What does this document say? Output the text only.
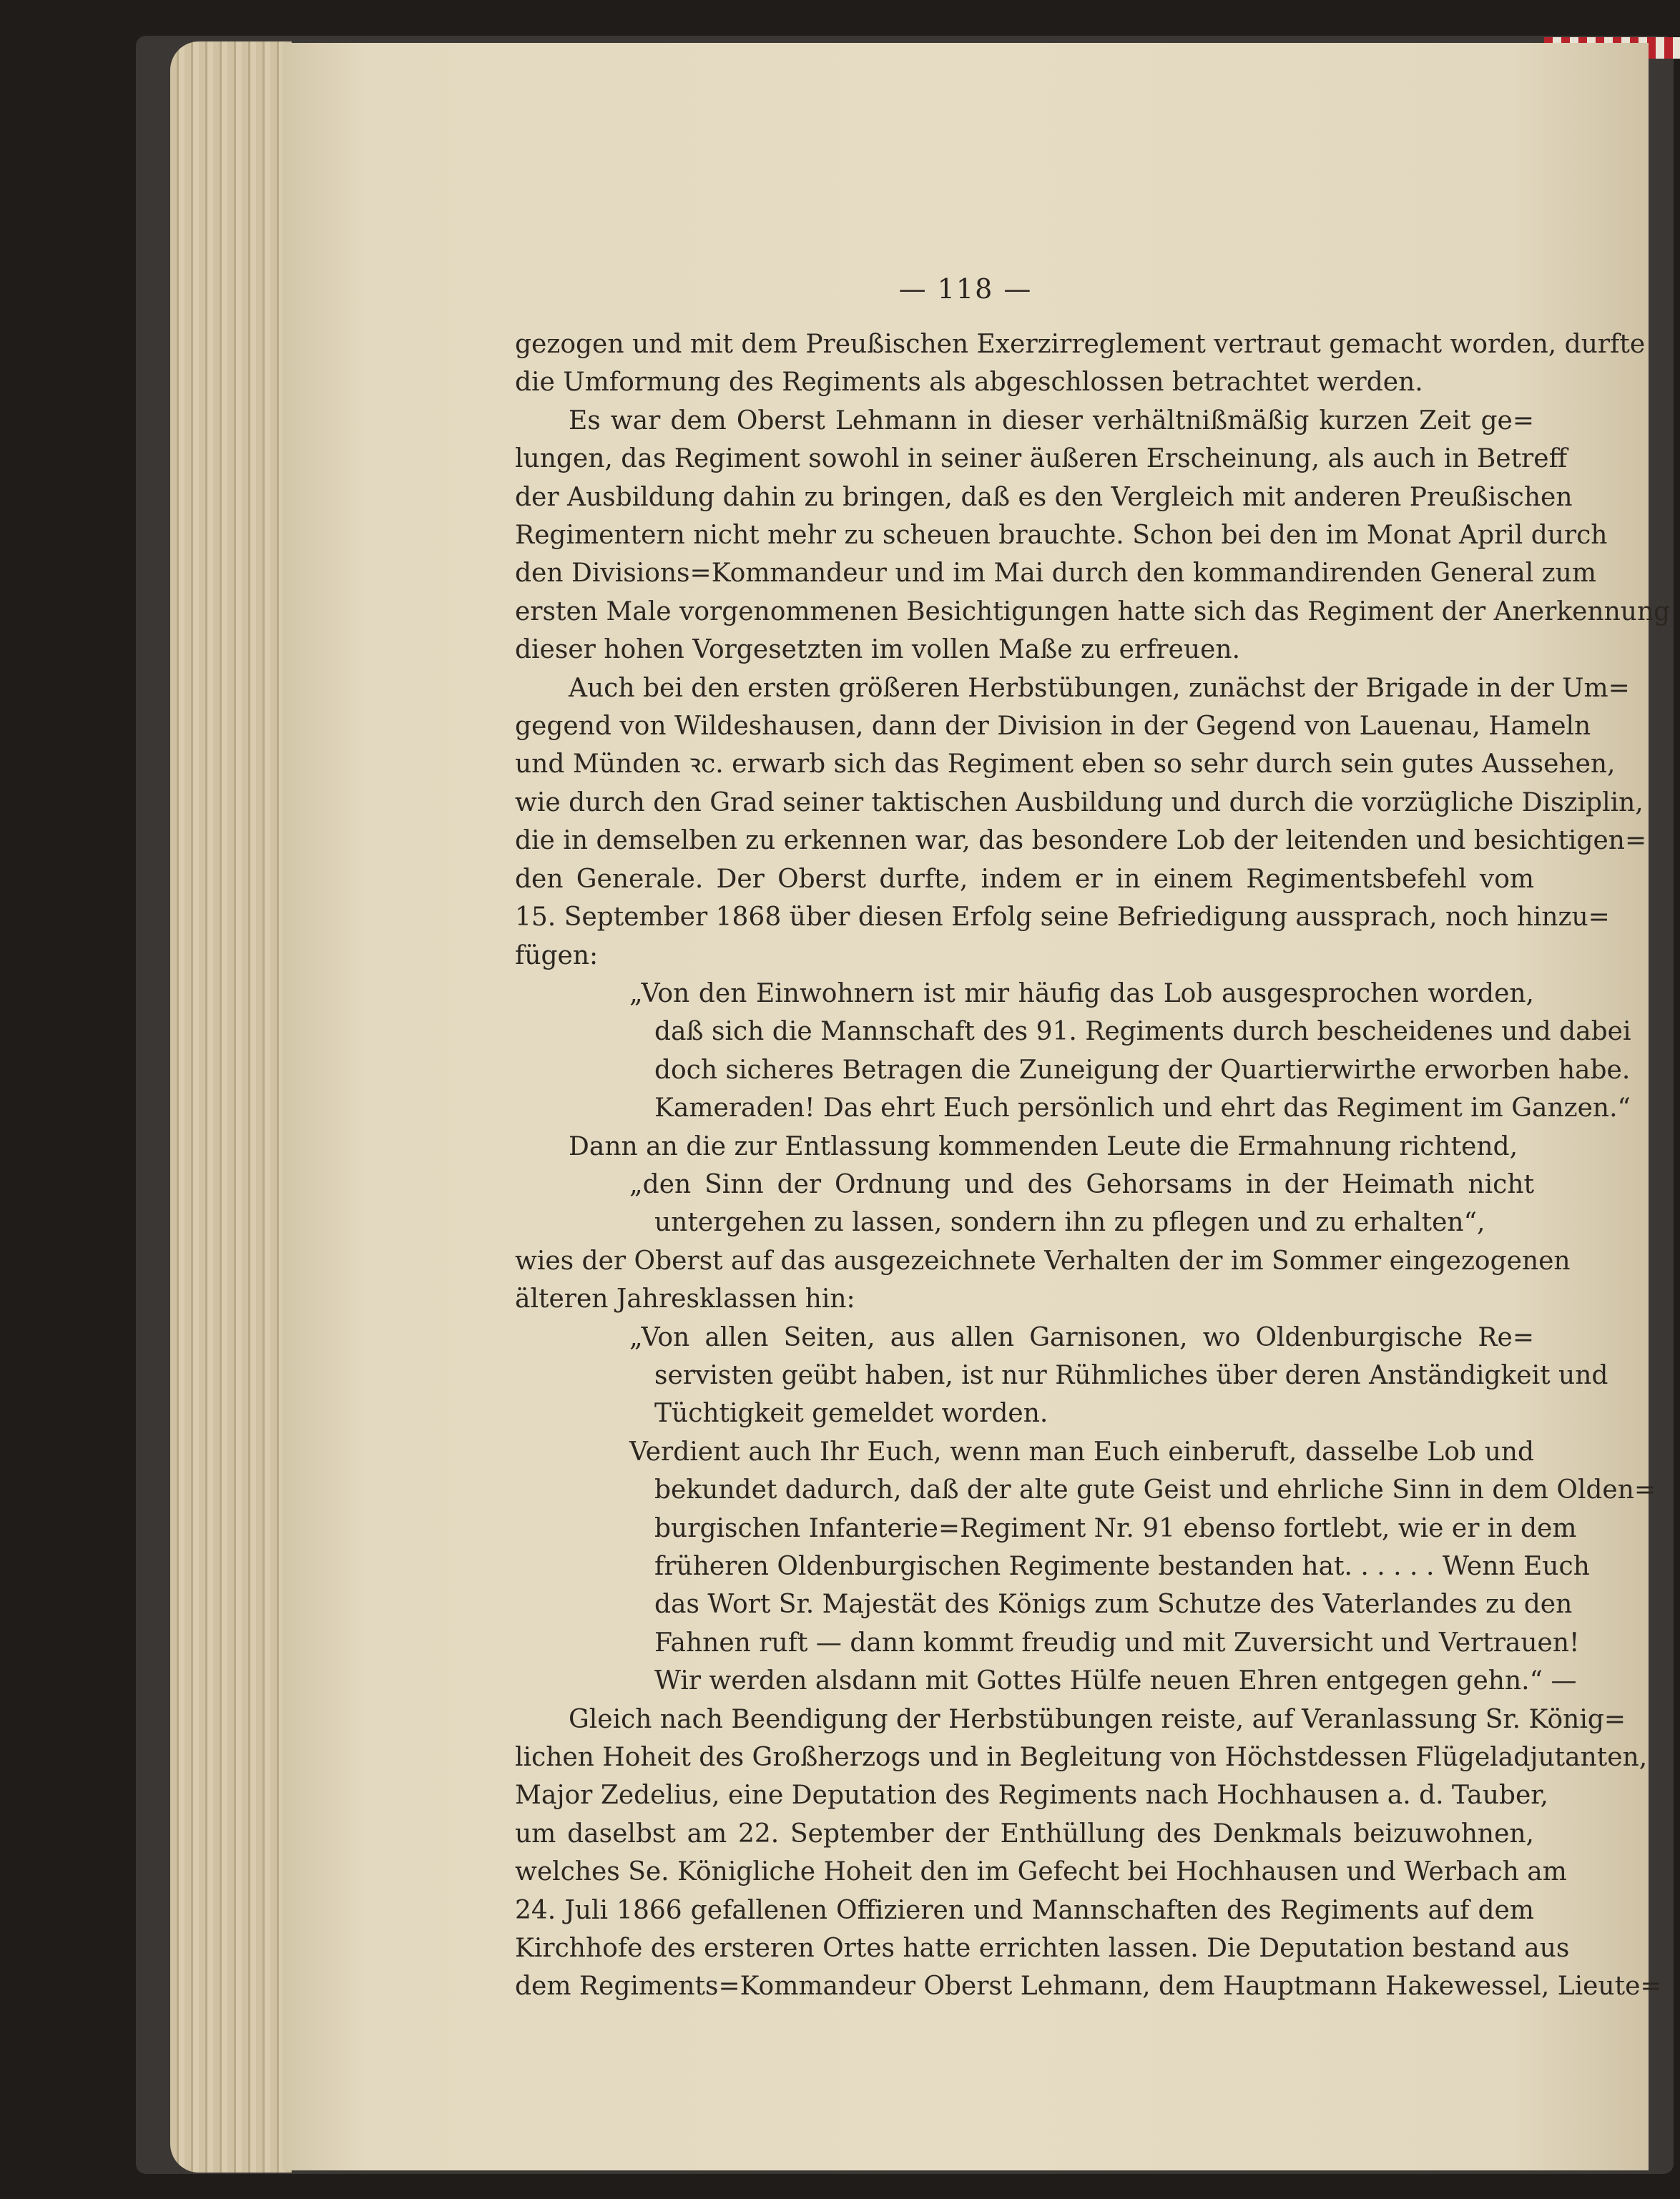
— 118 —
gezogen und mit dem Preußischen Exerzirreglement vertraut gemacht worden, durfte
die Umformung des Regiments als abgeschlossen betrachtet werden.
Es war dem Oberst Lehmann in dieser verhältnißmäßig kurzen Zeit ge=
lungen, das Regiment sowohl in seiner äußeren Erscheinung, als auch in Betreff
der Ausbildung dahin zu bringen, daß es den Vergleich mit anderen Preußischen
Regimentern nicht mehr zu scheuen brauchte. Schon bei den im Monat April durch
den Divisions=Kommandeur und im Mai durch den kommandirenden General zum
ersten Male vorgenommenen Besichtigungen hatte sich das Regiment der Anerkennung
dieser hohen Vorgesetzten im vollen Maße zu erfreuen.
Auch bei den ersten größeren Herbstübungen, zunächst der Brigade in der Um=
gegend von Wildeshausen, dann der Division in der Gegend von Lauenau, Hameln
und Münden ꝛc. erwarb sich das Regiment eben so sehr durch sein gutes Aussehen,
wie durch den Grad seiner taktischen Ausbildung und durch die vorzügliche Disziplin,
die in demselben zu erkennen war, das besondere Lob der leitenden und besichtigen=
den Generale. Der Oberst durfte, indem er in einem Regimentsbefehl vom
15. September 1868 über diesen Erfolg seine Befriedigung aussprach, noch hinzu=
fügen:
„Von den Einwohnern ist mir häufig das Lob ausgesprochen worden,
daß sich die Mannschaft des 91. Regiments durch bescheidenes und dabei
doch sicheres Betragen die Zuneigung der Quartierwirthe erworben habe.
Kameraden! Das ehrt Euch persönlich und ehrt das Regiment im Ganzen.“
Dann an die zur Entlassung kommenden Leute die Ermahnung richtend,
„den Sinn der Ordnung und des Gehorsams in der Heimath nicht
untergehen zu lassen, sondern ihn zu pflegen und zu erhalten“,
wies der Oberst auf das ausgezeichnete Verhalten der im Sommer eingezogenen
älteren Jahresklassen hin:
„Von allen Seiten, aus allen Garnisonen, wo Oldenburgische Re=
servisten geübt haben, ist nur Rühmliches über deren Anständigkeit und
Tüchtigkeit gemeldet worden.
Verdient auch Ihr Euch, wenn man Euch einberuft, dasselbe Lob und
bekundet dadurch, daß der alte gute Geist und ehrliche Sinn in dem Olden=
burgischen Infanterie=Regiment Nr. 91 ebenso fortlebt, wie er in dem
früheren Oldenburgischen Regimente bestanden hat. . . . . . Wenn Euch
das Wort Sr. Majestät des Königs zum Schutze des Vaterlandes zu den
Fahnen ruft — dann kommt freudig und mit Zuversicht und Vertrauen!
Wir werden alsdann mit Gottes Hülfe neuen Ehren entgegen gehn.“ —
Gleich nach Beendigung der Herbstübungen reiste, auf Veranlassung Sr. König=
lichen Hoheit des Großherzogs und in Begleitung von Höchstdessen Flügeladjutanten,
Major Zedelius, eine Deputation des Regiments nach Hochhausen a. d. Tauber,
um daselbst am 22. September der Enthüllung des Denkmals beizuwohnen,
welches Se. Königliche Hoheit den im Gefecht bei Hochhausen und Werbach am
24. Juli 1866 gefallenen Offizieren und Mannschaften des Regiments auf dem
Kirchhofe des ersteren Ortes hatte errichten lassen. Die Deputation bestand aus
dem Regiments=Kommandeur Oberst Lehmann, dem Hauptmann Hakewessel, Lieute=
